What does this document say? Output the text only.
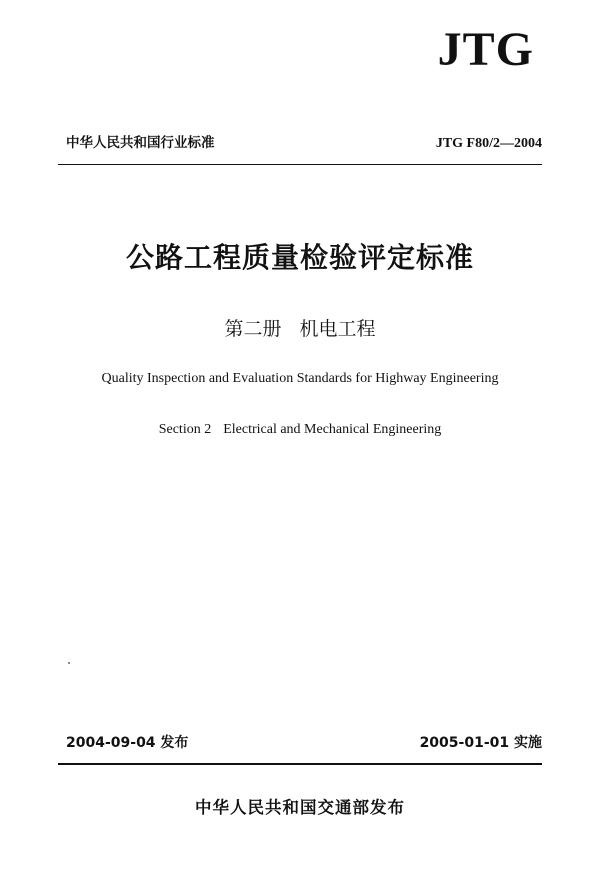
JTG
中华人民共和国行业标准	JTG F80/2—2004
公路工程质量检验评定标准
第二册 机电工程
Quality Inspection and Evaluation Standards for Highway Engineering
Section 2 Electrical and Mechanical Engineering
2004-09-04 发布	2005-01-01 实施
中华人民共和国交通部发布
